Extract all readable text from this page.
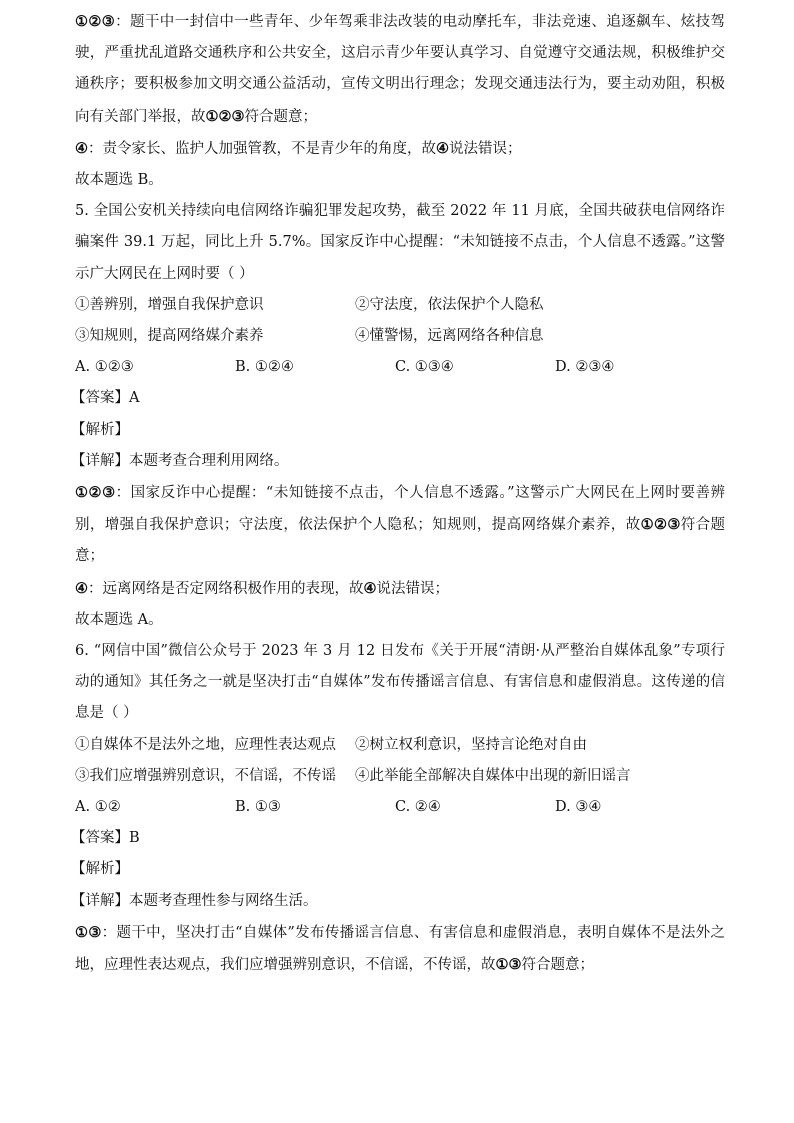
①②③：题干中一封信中一些青年、少年驾乘非法改装的电动摩托车，非法竞速、追逐飙车、炫技驾驶，严重扰乱道路交通秩序和公共安全，这启示青少年要认真学习、自觉遵守交通法规，积极维护交通秩序；要积极参加文明交通公益活动，宣传文明出行理念；发现交通违法行为，要主动劝阻，积极向有关部门举报，故①②③符合题意；

④：责令家长、监护人加强管教，不是青少年的角度，故④说法错误；

故本题选 B。

5. 全国公安机关持续向电信网络诈骗犯罪发起攻势，截至 2022 年 11 月底，全国共破获电信网络诈骗案件 39.1 万起，同比上升 5.7%。国家反诈中心提醒：“未知链接不点击，个人信息不透露。”这警示广大网民在上网时要（ ）

①善辨别，增强自我保护意识	②守法度，依法保护个人隐私
③知规则，提高网络媒介素养	④懂警惕，远离网络各种信息
A. ①②③	B. ①②④	C. ①③④	D. ②③④

【答案】A

【解析】

【详解】本题考查合理利用网络。

①②③：国家反诈中心提醒：“未知链接不点击，个人信息不透露。”这警示广大网民在上网时要善辨别，增强自我保护意识；守法度，依法保护个人隐私；知规则，提高网络媒介素养，故①②③符合题意；

④：远离网络是否定网络积极作用的表现，故④说法错误；

故本题选 A。

6. “网信中国”微信公众号于 2023 年 3 月 12 日发布《关于开展“清朗·从严整治自媒体乱象”专项行动的通知》其任务之一就是坚决打击“自媒体”发布传播谣言信息、有害信息和虚假消息。这传递的信息是（ ）

①自媒体不是法外之地，应理性表达观点	②树立权利意识，坚持言论绝对自由
③我们应增强辨别意识，不信谣，不传谣	④此举能全部解决自媒体中出现的新旧谣言
A. ①②	B. ①③	C. ②④	D. ③④

【答案】B

【解析】

【详解】本题考查理性参与网络生活。

①③：题干中，坚决打击“自媒体”发布传播谣言信息、有害信息和虚假消息，表明自媒体不是法外之地，应理性表达观点，我们应增强辨别意识，不信谣，不传谣，故①③符合题意；
